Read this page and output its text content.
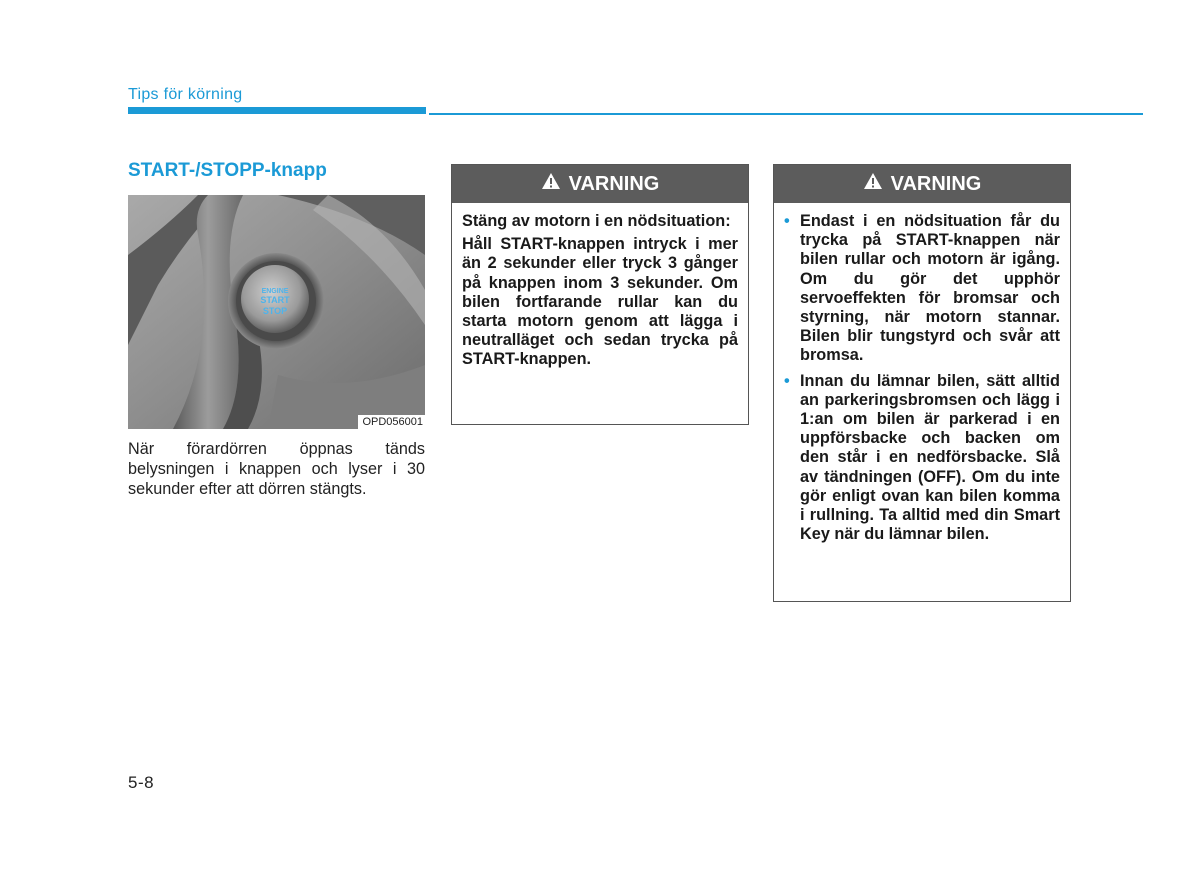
Tips för körning
START-/STOPP-knapp
ENGINE
START
STOP
OPD056001
När förardörren öppnas tänds belysningen i knappen och lyser i 30 sekunder efter att dörren stängts.
VARNING

Stäng av motorn i en nödsituation:

Håll START-knappen intryck i mer än 2 sekunder eller tryck 3 gånger på knappen inom 3 sekunder. Om bilen fortfarande rullar kan du starta motorn genom att lägga i neutralläget och sedan trycka på START-knappen.

VARNING
• Endast i en nödsituation får du trycka på START-knappen när bilen rullar och motorn är igång. Om du gör det upphör servoeffekten för bromsar och styrning, när motorn stannar. Bilen blir tungstyrd och svår att bromsa.
• Innan du lämnar bilen, sätt alltid an parkeringsbromsen och lägg i 1:an om bilen är parkerad i en uppförsbacke och backen om den står i en nedförsbacke. Slå av tändningen (OFF). Om du inte gör enligt ovan kan bilen komma i rullning. Ta alltid med din Smart Key när du lämnar bilen.
5-8
